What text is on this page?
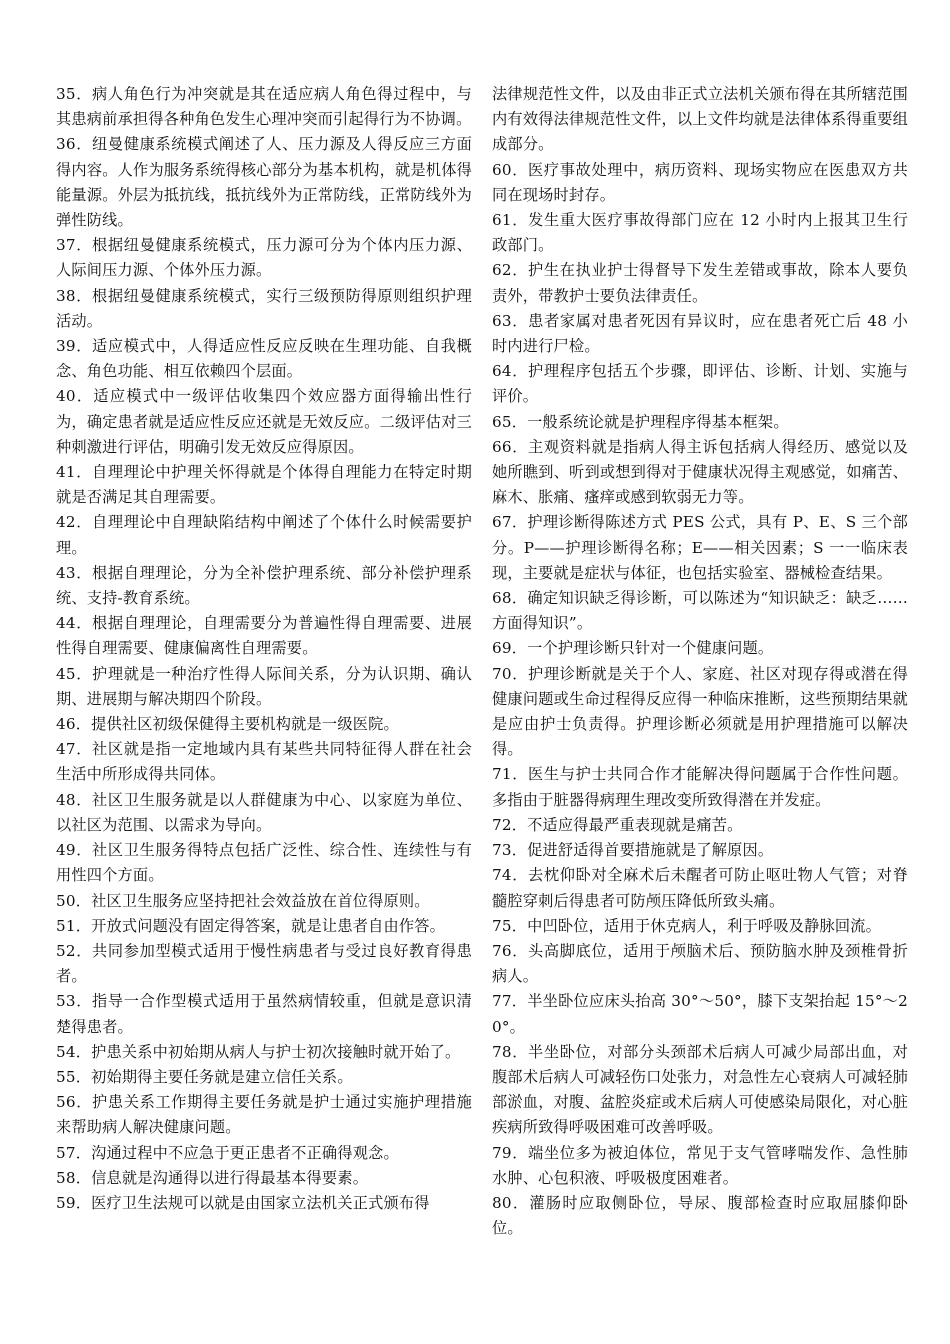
35．病人角色行为冲突就是其在适应病人角色得过程中，与其患病前承担得各种角色发生心理冲突而引起得行为不协调。

36．纽曼健康系统模式阐述了人、压力源及人得反应三方面得内容。人作为服务系统得核心部分为基本机构，就是机体得能量源。外层为抵抗线，抵抗线外为正常防线，正常防线外为弹性防线。

37．根据纽曼健康系统模式，压力源可分为个体内压力源、人际间压力源、个体外压力源。

38．根据纽曼健康系统模式，实行三级预防得原则组织护理活动。

39．适应模式中，人得适应性反应反映在生理功能、自我概念、角色功能、相互依赖四个层面。

40．适应模式中一级评估收集四个效应器方面得输出性行为，确定患者就是适应性反应还就是无效反应。二级评估对三种刺激进行评估，明确引发无效反应得原因。

41．自理理论中护理关怀得就是个体得自理能力在特定时期就是否满足其自理需要。

42．自理理论中自理缺陷结构中阐述了个体什么时候需要护理。

43．根据自理理论，分为全补偿护理系统、部分补偿护理系统、支持-教育系统。

44．根据自理理论，自理需要分为普遍性得自理需要、进展性得自理需要、健康偏离性自理需要。

45．护理就是一种治疗性得人际间关系，分为认识期、确认期、进展期与解决期四个阶段。

46．提供社区初级保健得主要机构就是一级医院。

47．社区就是指一定地域内具有某些共同特征得人群在社会生活中所形成得共同体。

48．社区卫生服务就是以人群健康为中心、以家庭为单位、以社区为范围、以需求为导向。

49．社区卫生服务得特点包括广泛性、综合性、连续性与有用性四个方面。

50．社区卫生服务应坚持把社会效益放在首位得原则。

51．开放式问题没有固定得答案，就是让患者自由作答。

52．共同参加型模式适用于慢性病患者与受过良好教育得患者。

53．指导一合作型模式适用于虽然病情较重，但就是意识清楚得患者。

54．护患关系中初始期从病人与护士初次接触时就开始了。

55．初始期得主要任务就是建立信任关系。

56．护患关系工作期得主要任务就是护士通过实施护理措施来帮助病人解决健康问题。

57．沟通过程中不应急于更正患者不正确得观念。

58．信息就是沟通得以进行得最基本得要素。

59．医疗卫生法规可以就是由国家立法机关正式颁布得

法律规范性文件，以及由非正式立法机关颁布得在其所辖范围内有效得法律规范性文件，以上文件均就是法律体系得重要组成部分。

60．医疗事故处理中，病历资料、现场实物应在医患双方共同在现场时封存。

61．发生重大医疗事故得部门应在 12 小时内上报其卫生行政部门。

62．护生在执业护士得督导下发生差错或事故，除本人要负责外，带教护士要负法律责任。

63．患者家属对患者死因有异议时，应在患者死亡后 48 小时内进行尸检。

64．护理程序包括五个步骤，即评估、诊断、计划、实施与评价。

65．一般系统论就是护理程序得基本框架。

66．主观资料就是指病人得主诉包括病人得经历、感觉以及她所瞧到、听到或想到得对于健康状况得主观感觉，如痛苦、麻木、胀痛、瘙痒或感到软弱无力等。

67．护理诊断得陈述方式 PES 公式，具有 P、E、S 三个部分。P——护理诊断得名称；E——相关因素；S 一一临床表现，主要就是症状与体征，也包括实验室、器械检查结果。

68．确定知识缺乏得诊断，可以陈述为“知识缺乏：缺乏……方面得知识”。

69．一个护理诊断只针对一个健康问题。

70．护理诊断就是关于个人、家庭、社区对现存得或潜在得健康问题或生命过程得反应得一种临床推断，这些预期结果就是应由护士负责得。护理诊断必须就是用护理措施可以解决得。

71．医生与护士共同合作才能解决得问题属于合作性问题。多指由于脏器得病理生理改变所致得潜在并发症。

72．不适应得最严重表现就是痛苦。

73．促进舒适得首要措施就是了解原因。

74．去枕仰卧对全麻术后未醒者可防止呕吐物人气管；对脊髓腔穿刺后得患者可防颅压降低所致头痛。

75．中凹卧位，适用于休克病人，利于呼吸及静脉回流。

76．头高脚底位，适用于颅脑术后、预防脑水肿及颈椎骨折病人。

77．半坐卧位应床头抬高 30°～50°，膝下支架抬起 15°～20°。

78．半坐卧位，对部分头颈部术后病人可减少局部出血，对腹部术后病人可减轻伤口处张力，对急性左心衰病人可减轻肺部淤血，对腹、盆腔炎症或术后病人可使感染局限化，对心脏疾病所致得呼吸困难可改善呼吸。

79．端坐位多为被迫体位，常见于支气管哮喘发作、急性肺水肿、心包积液、呼吸极度困难者。

80．灌肠时应取侧卧位，导尿、腹部检查时应取屈膝仰卧位。
